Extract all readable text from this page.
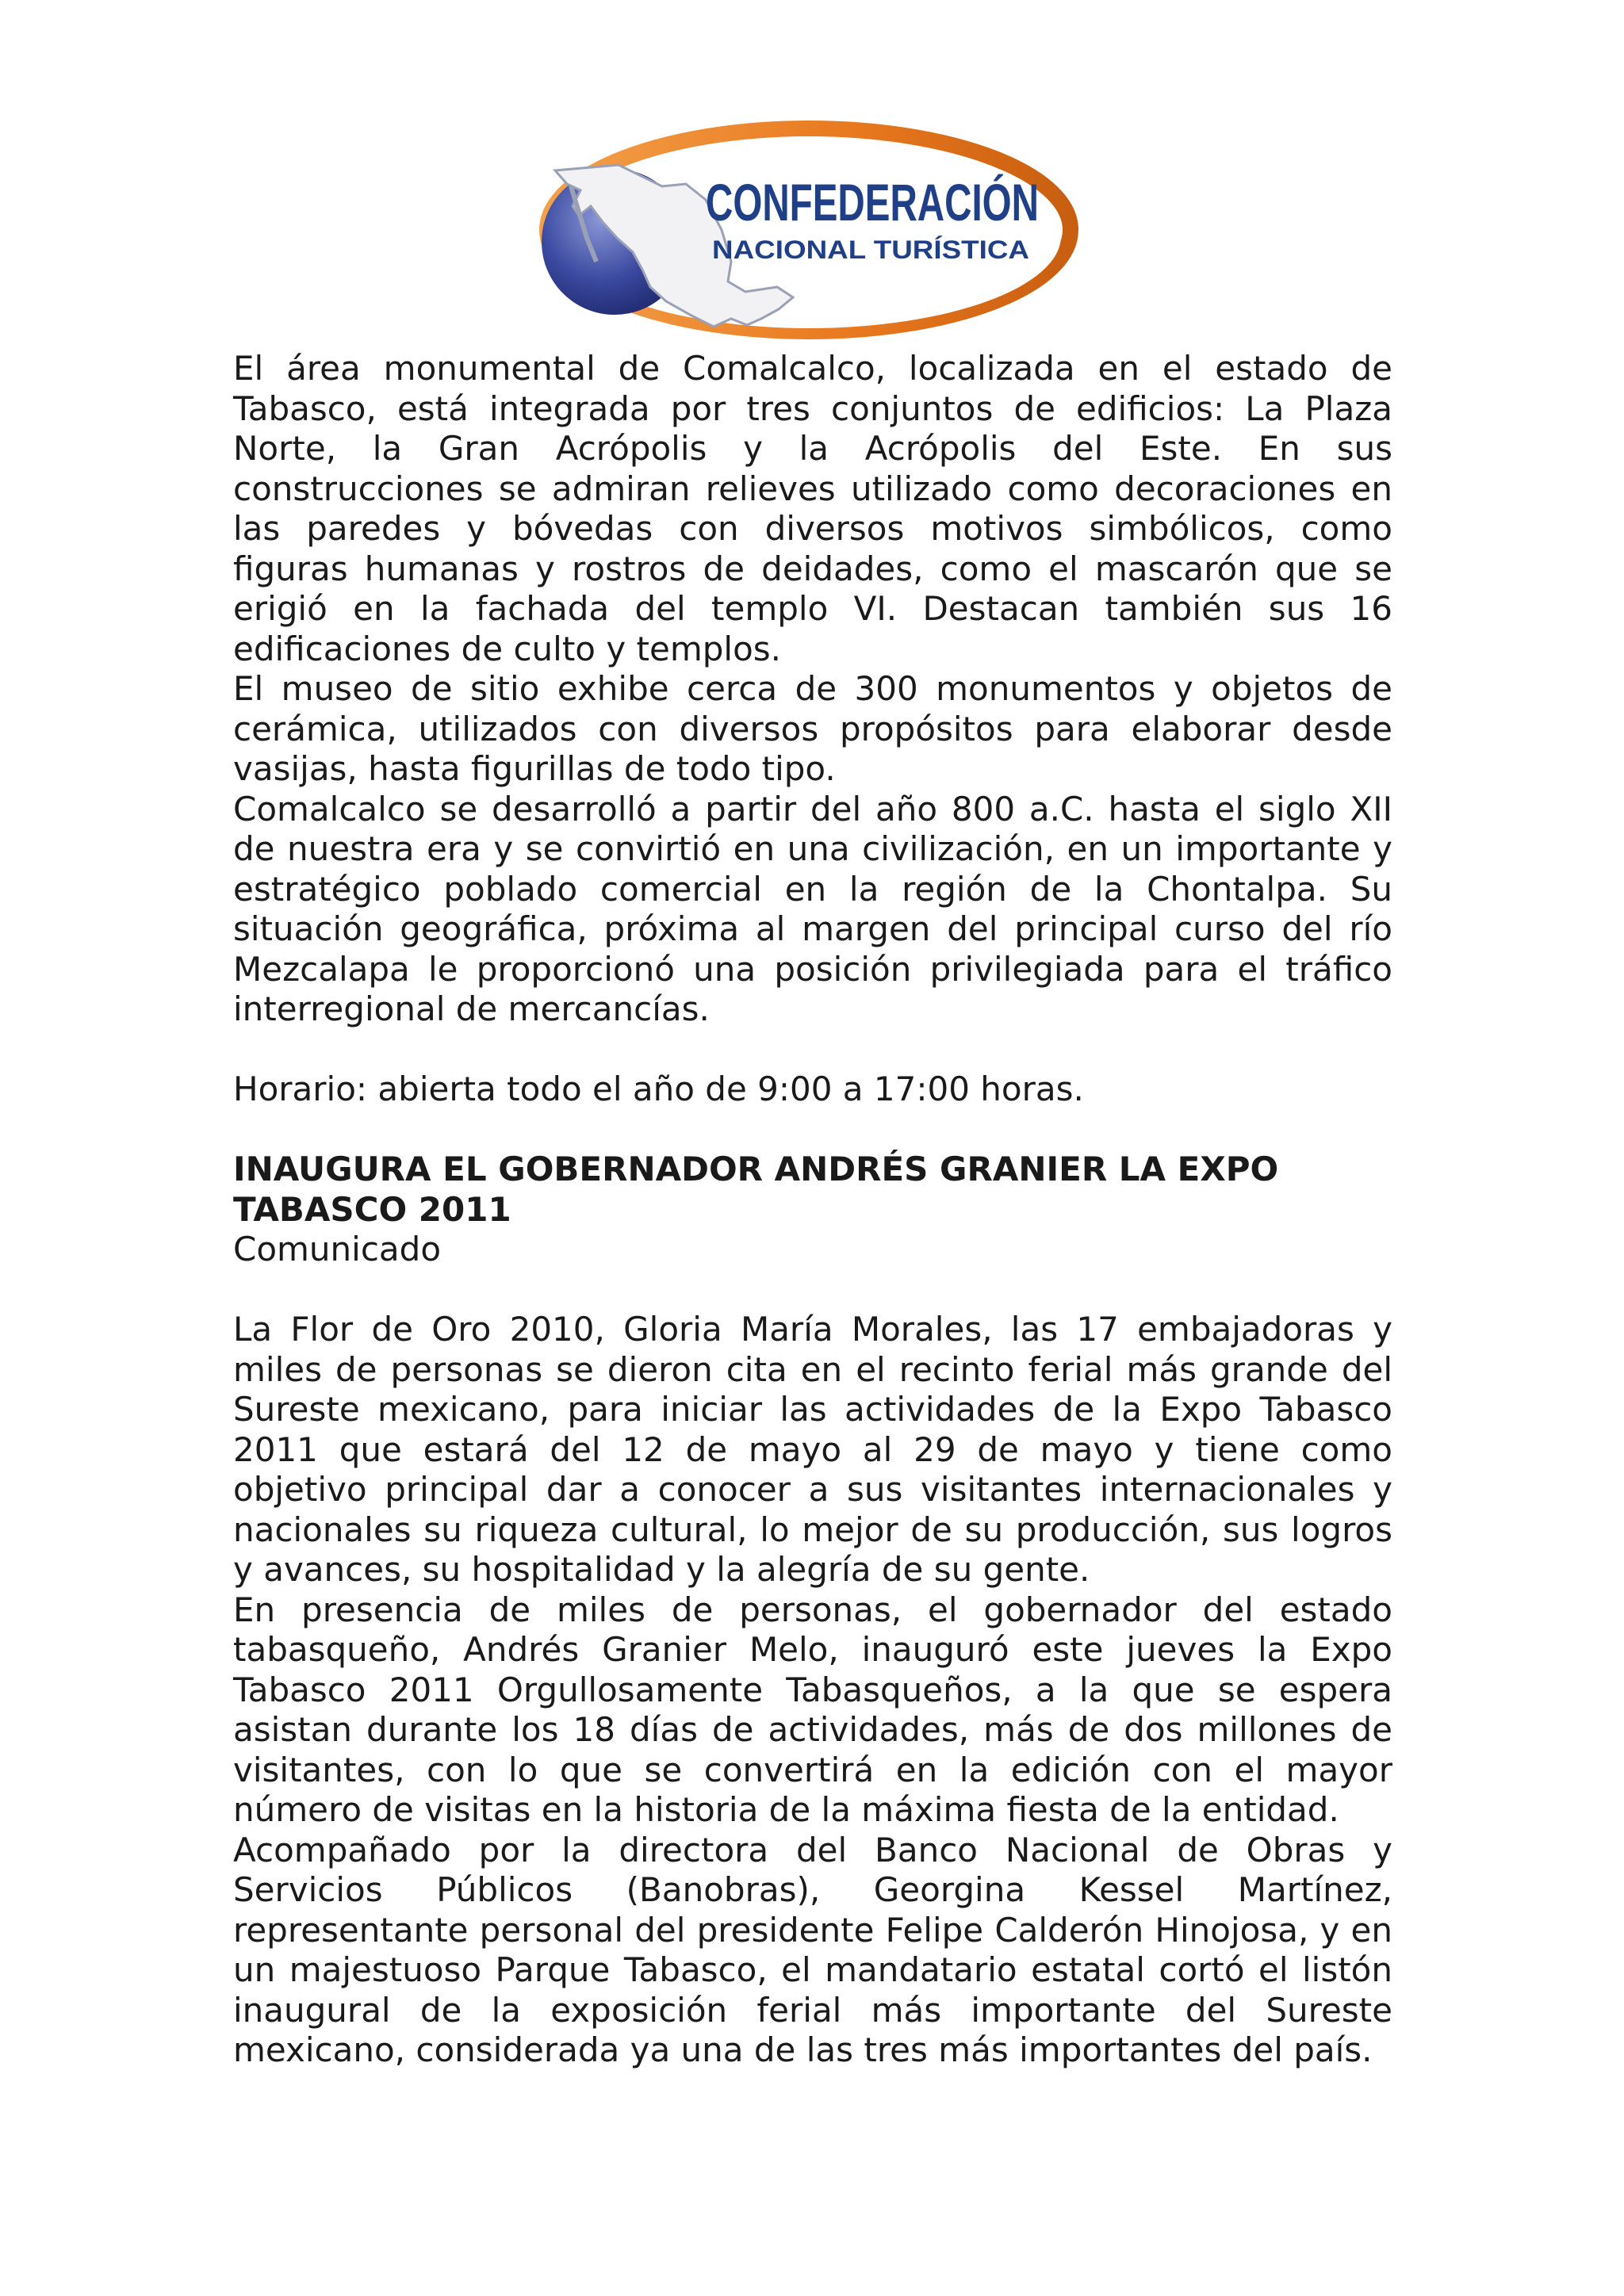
CONFEDERACIÓN
NACIONAL TURÍSTICA

El área monumental de Comalcalco, localizada en el estado de Tabasco, está integrada por tres conjuntos de edificios: La Plaza Norte, la Gran Acrópolis y la Acrópolis del Este. En sus construcciones se admiran relieves utilizado como decoraciones en las paredes y bóvedas con diversos motivos simbólicos, como figuras humanas y rostros de deidades, como el mascarón que se erigió en la fachada del templo VI. Destacan también sus 16 edificaciones de culto y templos.

El museo de sitio exhibe cerca de 300 monumentos y objetos de cerámica, utilizados con diversos propósitos para elaborar desde vasijas, hasta figurillas de todo tipo.

Comalcalco se desarrolló a partir del año 800 a.C. hasta el siglo XII de nuestra era y se convirtió en una civilización, en un importante y estratégico poblado comercial en la región de la Chontalpa. Su situación geográfica, próxima al margen del principal curso del río Mezcalapa le proporcionó una posición privilegiada para el tráfico interregional de mercancías.

Horario: abierta todo el año de 9:00 a 17:00 horas.

INAUGURA EL GOBERNADOR ANDRÉS GRANIER LA EXPO TABASCO 2011

Comunicado

La Flor de Oro 2010, Gloria María Morales, las 17 embajadoras y miles de personas se dieron cita en el recinto ferial más grande del Sureste mexicano, para iniciar las actividades de la Expo Tabasco 2011 que estará del 12 de mayo al 29 de mayo y tiene como objetivo principal dar a conocer a sus visitantes internacionales y nacionales su riqueza cultural, lo mejor de su producción, sus logros y avances, su hospitalidad y la alegría de su gente.

En presencia de miles de personas, el gobernador del estado tabasqueño, Andrés Granier Melo, inauguró este jueves la Expo Tabasco 2011 Orgullosamente Tabasqueños, a la que se espera asistan durante los 18 días de actividades, más de dos millones de visitantes, con lo que se convertirá en la edición con el mayor número de visitas en la historia de la máxima fiesta de la entidad.

Acompañado por la directora del Banco Nacional de Obras y Servicios Públicos (Banobras), Georgina Kessel Martínez, representante personal del presidente Felipe Calderón Hinojosa, y en un majestuoso Parque Tabasco, el mandatario estatal cortó el listón inaugural de la exposición ferial más importante del Sureste mexicano, considerada ya una de las tres más importantes del país.
